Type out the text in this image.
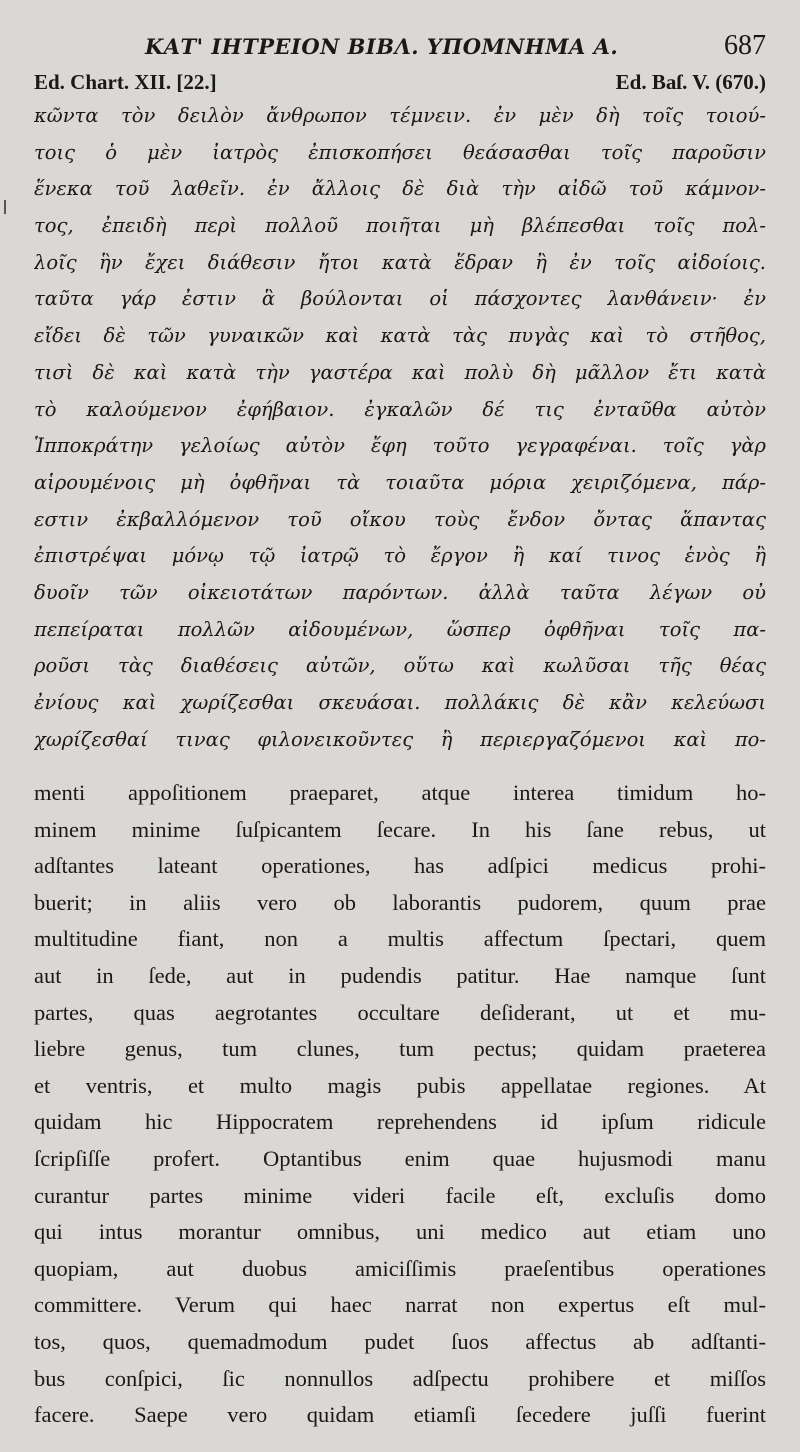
ΚΑΤ' ΙΗΤΡΕΙΟΝ ΒΙΒΛ. ΥΠΟΜΝΗΜΑ Α.	687
Ed. Chart. XII. [22.]	Ed. Baſ. V. (670.)
κῶντα τὸν δειλὸν ἄνθρωπον τέμνειν. ἐν μὲν δὴ τοῖς τοιού-
τοις ὁ μὲν ἰατρὸς ἐπισκοπήσει θεάσασθαι τοῖς παροῦσιν
ἕνεκα τοῦ λαθεῖν. ἐν ἄλλοις δὲ διὰ τὴν αἰδῶ τοῦ κάμνον-
τος, ἐπειδὴ περὶ πολλοῦ ποιῆται μὴ βλέπεσθαι τοῖς πολ-
λοῖς ἣν ἔχει διάθεσιν ἤτοι κατὰ ἕδραν ἢ ἐν τοῖς αἰδοίοις.
ταῦτα γάρ ἐστιν ἃ βούλονται οἱ πάσχοντες λανθάνειν· ἐν
εἴδει δὲ τῶν γυναικῶν καὶ κατὰ τὰς πυγὰς καὶ τὸ στῆθος,
τισὶ δὲ καὶ κατὰ τὴν γαστέρα καὶ πολὺ δὴ μᾶλλον ἔτι κατὰ
τὸ καλούμενον ἐφήβαιον. ἐγκαλῶν δέ τις ἐνταῦθα αὐτὸν
Ἱπποκράτην γελοίως αὐτὸν ἔφη τοῦτο γεγραφέναι. τοῖς γὰρ
αἱρουμένοις μὴ ὀφθῆναι τὰ τοιαῦτα μόρια χειριζόμενα, πάρ-
εστιν ἐκβαλλόμενον τοῦ οἴκου τοὺς ἔνδον ὄντας ἅπαντας
ἐπιστρέψαι μόνῳ τῷ ἰατρῷ τὸ ἔργον ἢ καί τινος ἑνὸς ἢ
δυοῖν τῶν οἰκειοτάτων παρόντων. ἀλλὰ ταῦτα λέγων οὐ
πεπείραται πολλῶν αἰδουμένων, ὥσπερ ὀφθῆναι τοῖς πα-
ροῦσι τὰς διαθέσεις αὐτῶν, οὕτω καὶ κωλῦσαι τῆς θέας
ἐνίους καὶ χωρίζεσθαι σκευάσαι. πολλάκις δὲ κἂν κελεύωσι
χωρίζεσθαί τινας φιλονεικοῦντες ἢ περιεργαζόμενοι καὶ πο-
menti appoſitionem praeparet, atque interea timidum ho-
minem minime ſuſpicantem ſecare. In his ſane rebus, ut
adſtantes lateant operationes, has adſpici medicus prohi-
buerit; in aliis vero ob laborantis pudorem, quum prae
multitudine fiant, non a multis affectum ſpectari, quem
aut in ſede, aut in pudendis patitur. Hae namque ſunt
partes, quas aegrotantes occultare deſiderant, ut et mu-
liebre genus, tum clunes, tum pectus; quidam praeterea
et ventris, et multo magis pubis appellatae regiones. At
quidam hic Hippocratem reprehendens id ipſum ridicule
ſcripſiſſe profert. Optantibus enim quae hujusmodi manu
curantur partes minime videri facile eſt, excluſis domo
qui intus morantur omnibus, uni medico aut etiam uno
quopiam, aut duobus amiciſſimis praeſentibus operationes
committere. Verum qui haec narrat non expertus eſt mul-
tos, quos, quemadmodum pudet ſuos affectus ab adſtanti-
bus conſpici, ſic nonnullos adſpectu prohibere et miſſos
facere. Saepe vero quidam etiamſi ſecedere juſſi fuerint
